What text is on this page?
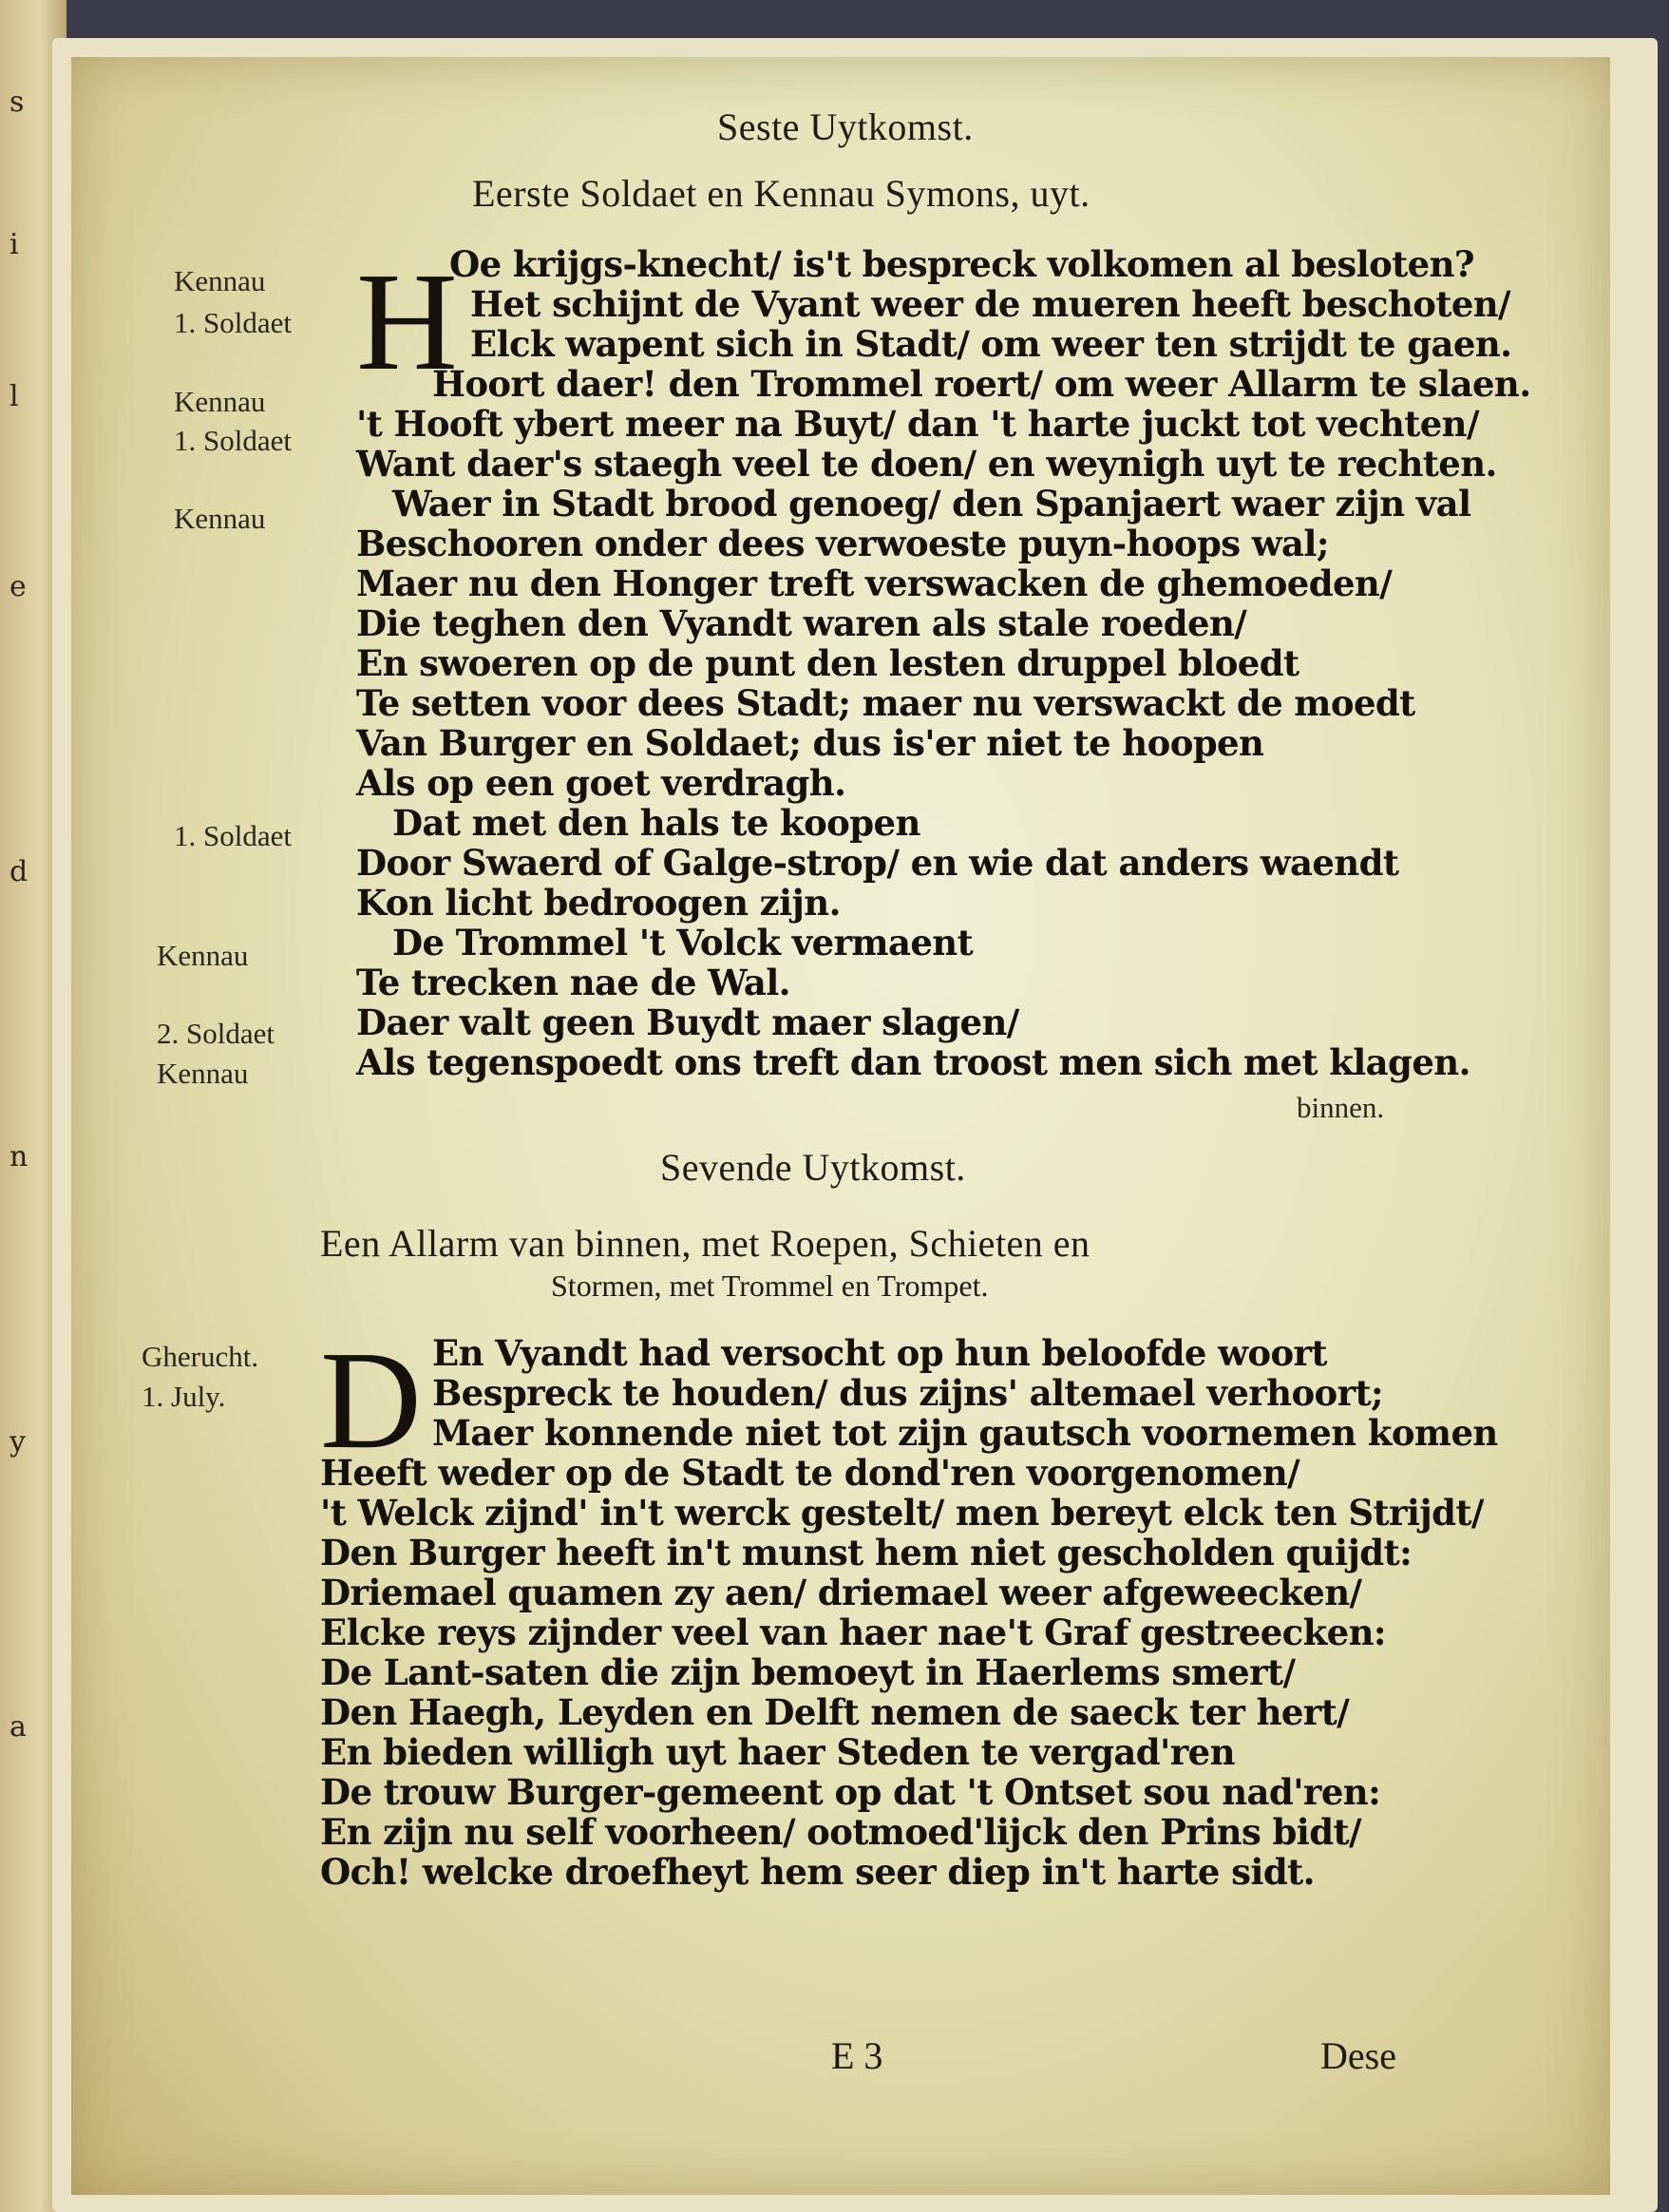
s
i
l
e
d
n
y
a
Seste Uytkomst.
Eerste Soldaet en Kennau Symons, uyt.
H
Kennau
1. Soldaet
Kennau
1. Soldaet
Kennau
1. Soldaet
Kennau
2. Soldaet
Kennau
Oe krijgs-knecht/ is't bespreck volkomen al besloten?
Het schijnt de Vyant weer de mueren heeft beschoten/
Elck wapent sich in Stadt/ om weer ten strijdt te gaen.
Hoort daer! den Trommel roert/ om weer Allarm te slaen.
't Hooft ybert meer na Buyt/ dan 't harte juckt tot vechten/
Want daer's staegh veel te doen/ en weynigh uyt te rechten.
Waer in Stadt brood genoeg/ den Spanjaert waer zijn val
Beschooren onder dees verwoeste puyn-hoops wal;
Maer nu den Honger treft verswacken de ghemoeden/
Die teghen den Vyandt waren als stale roeden/
En swoeren op de punt den lesten druppel bloedt
Te setten voor dees Stadt; maer nu verswackt de moedt
Van Burger en Soldaet; dus is'er niet te hoopen
Als op een goet verdragh.
Dat met den hals te koopen
Door Swaerd of Galge-strop/ en wie dat anders waendt
Kon licht bedroogen zijn.
De Trommel 't Volck vermaent
Te trecken nae de Wal.
Daer valt geen Buydt maer slagen/
Als tegenspoedt ons treft dan troost men sich met klagen.
binnen.
Sevende Uytkomst.
Een Allarm van binnen, met Roepen, Schieten en
Stormen, met Trommel en Trompet.
Gherucht.
1. July. D En Vyandt had versocht op hun beloofde woort
Bespreck te houden/ dus zijns' altemael verhoort;
Maer konnende niet tot zijn gautsch voornemen komen
Heeft weder op de Stadt te dond'ren voorgenomen/
't Welck zijnd' in't werck gestelt/ men bereyt elck ten Strijdt/
Den Burger heeft in't munst hem niet gescholden quijdt:
Driemael quamen zy aen/ driemael weer afgeweecken/
Elcke reys zijnder veel van haer nae't Graf gestreecken:
De Lant-saten die zijn bemoeyt in Haerlems smert/
Den Haegh, Leyden en Delft nemen de saeck ter hert/
En bieden willigh uyt haer Steden te vergad'ren
De trouw Burger-gemeent op dat 't Ontset sou nad'ren:
En zijn nu self voorheen/ ootmoed'lijck den Prins bidt/
Och! welcke droefheyt hem seer diep in't harte sidt.
E 3	Dese
